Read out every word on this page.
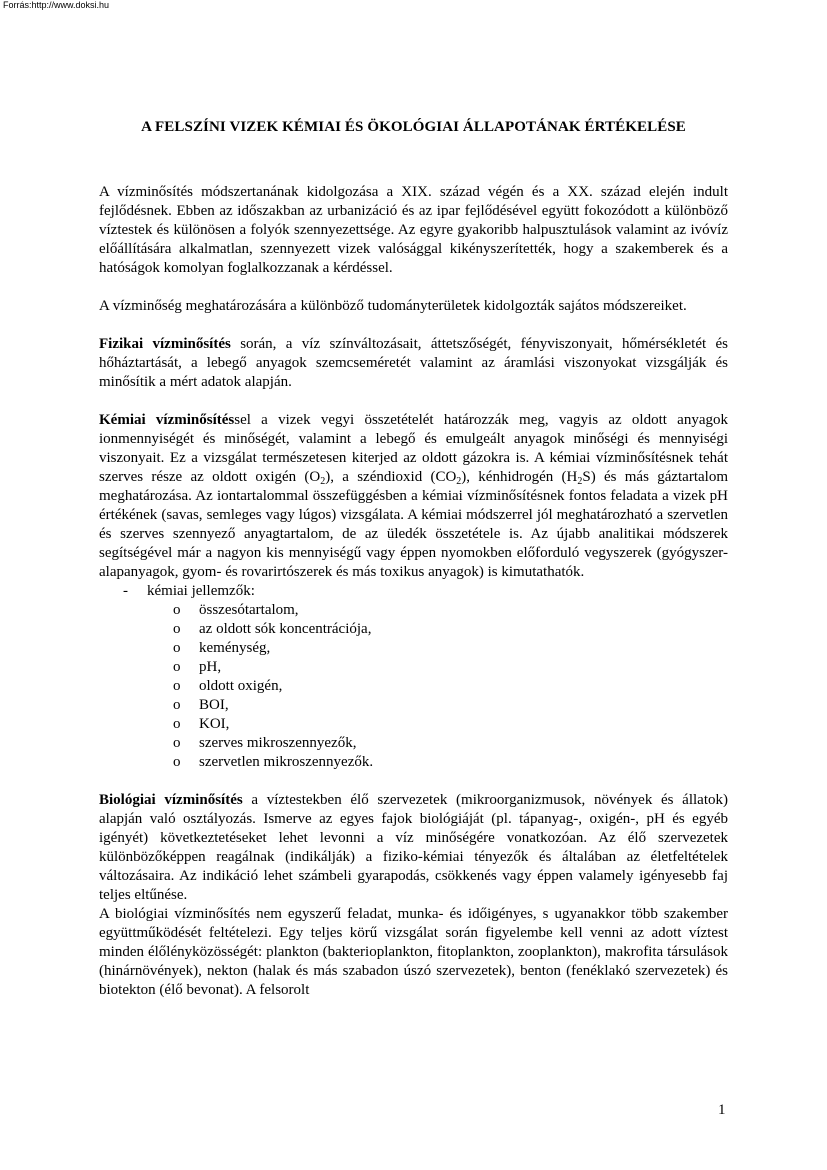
Forrás:http://www.doksi.hu
A FELSZÍNI VIZEK KÉMIAI ÉS ÖKOLÓGIAI ÁLLAPOTÁNAK ÉRTÉKELÉSE

A vízminősítés módszertanának kidolgozása a XIX. század végén és a XX. század elején indult fejlődésnek. Ebben az időszakban az urbanizáció és az ipar fejlődésével együtt fokozódott a különböző víztestek és különösen a folyók szennyezettsége. Az egyre gyakoribb halpusztulások valamint az ivóvíz előállítására alkalmatlan, szennyezett vizek valósággal kikényszerítették, hogy a szakemberek és a hatóságok komolyan foglalkozzanak a kérdéssel.

A vízminőség meghatározására a különböző tudományterületek kidolgozták sajátos módszereiket.

Fizikai vízminősítés során, a víz színváltozásait, áttetszőségét, fényviszonyait, hőmérsékletét és hőháztartását, a lebegő anyagok szemcseméretét valamint az áramlási viszonyokat vizsgálják és minősítik a mért adatok alapján.

Kémiai vízminősítéssel a vizek vegyi összetételét határozzák meg, vagyis az oldott anyagok ionmennyiségét és minőségét, valamint a lebegő és emulgeált anyagok minőségi és mennyiségi viszonyait. Ez a vizsgálat természetesen kiterjed az oldott gázokra is. A kémiai vízminősítésnek tehát szerves része az oldott oxigén $(O_2)$, a széndioxid $(CO_2)$, kénhidrogén $(H_2S)$ és más gáztartalom meghatározása. Az iontartalommal összefüggésben a kémiai vízminősítésnek fontos feladata a vizek pH értékének (savas, semleges vagy lúgos) vizsgálata. A kémiai módszerrel jól meghatározható a szervetlen és szerves szennyező anyagtartalom, de az üledék összetétele is. Az újabb analitikai módszerek segítségével már a nagyon kis mennyiségű vagy éppen nyomokben előforduló vegyszerek (gyógyszer-alapanyagok, gyom- és rovarirtószerek és más toxikus anyagok) is kimutathatók.

- kémiai jellemzők:
o összesótartalom,
o az oldott sók koncentrációja,
o keménység,
o pH,
o oldott oxigén,
o BOI,
o KOI,
o szerves mikroszennyezők,
o szervetlen mikroszennyezők.

Biológiai vízminősítés a víztestekben élő szervezetek (mikroorganizmusok, növények és állatok) alapján való osztályozás. Ismerve az egyes fajok biológiáját (pl. tápanyag-, oxigén-, pH és egyéb igényét) következtetéseket lehet levonni a víz minőségére vonatkozóan. Az élő szervezetek különbözőképpen reagálnak (indikálják) a fiziko-kémiai tényezők és általában az életfeltételek változásaira. Az indikáció lehet számbeli gyarapodás, csökkenés vagy éppen valamely igényesebb faj teljes eltűnése.

A biológiai vízminősítés nem egyszerű feladat, munka- és időigényes, s ugyanakkor több szakember együttműködését feltételezi. Egy teljes körű vizsgálat során figyelembe kell venni az adott víztest minden élőlényközösségét: plankton (bakterioplankton, fitoplankton, zooplankton), makrofita társulások (hinárnövények), nekton (halak és más szabadon úszó szervezetek), benton (fenéklakó szervezetek) és biotekton (élő bevonat). A felsorolt

1
